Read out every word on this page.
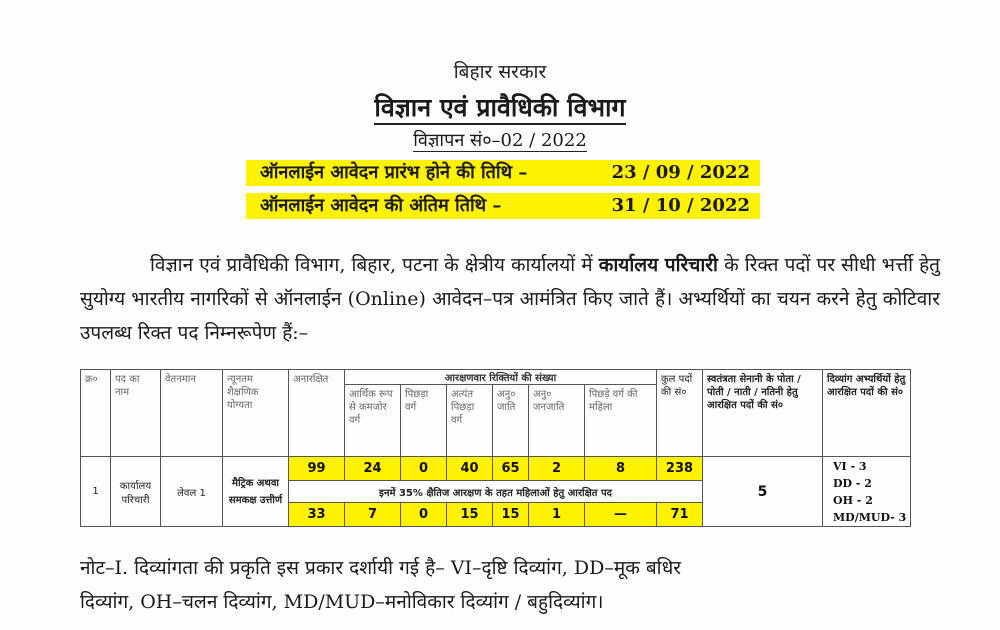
बिहार सरकार
विज्ञान एवं प्रावैधिकी विभाग
विज्ञापन सं०–02 / 2022
ऑनलाईन आवेदन प्रारंभ होने की तिथि –	23 / 09 / 2022
ऑनलाईन आवेदन की अंतिम तिथि –	31 / 10 / 2022
विज्ञान एवं प्रावैधिकी विभाग, बिहार, पटना के क्षेत्रीय कार्यालयों में कार्यालय परिचारी के रिक्त पदों पर सीधी भर्त्ती हेतु सुयोग्य भारतीय नागरिकों से ऑनलाईन (Online) आवेदन–पत्र आमंत्रित किए जाते हैं। अभ्यर्थियों का चयन करने हेतु कोटिवार उपलब्ध रिक्त पद निम्नरूपेण हैं:–
क्र०	पद का नाम	वेतनमान	न्यूनतम शैक्षणिक योग्यता	अनारक्षित	आरक्षणवार रिक्तियों की संख्या						कुल पदों की सं०	स्वतंत्रता सेनानी के पोता / पोती / नाती / नतिनी हेतु आरक्षित पदों की सं०	दिव्यांग अभ्यर्थियों हेतु आरक्षित पदों की सं०
					आर्थिक रूप से कमजोर वर्ग	पिछड़ा वर्ग	अत्यंत पिछड़ा वर्ग	अनु० जाति	अनु० जनजाति	पिछड़े वर्ग की महिला			
1	कार्यालय परिचारी	लेवल 1	मैट्रिक अथवा समकक्ष उत्तीर्ण	99	24	0	40	65	2	8	238	5	VI - 3
DD - 2
OH - 2
MD/MUD- 3

				इनमें 35% क्षैतिज आरक्षण के तहत महिलाओं हेतु आरक्षित पद									
				33	7	0	15	15	1	—	71		
नोट–I. दिव्यांगता की प्रकृति इस प्रकार दर्शायी गई है– VI–दृष्टि दिव्यांग, DD–मूक बधिर
दिव्यांग, OH–चलन दिव्यांग, MD/MUD–मनोविकार दिव्यांग / बहुदिव्यांग।
